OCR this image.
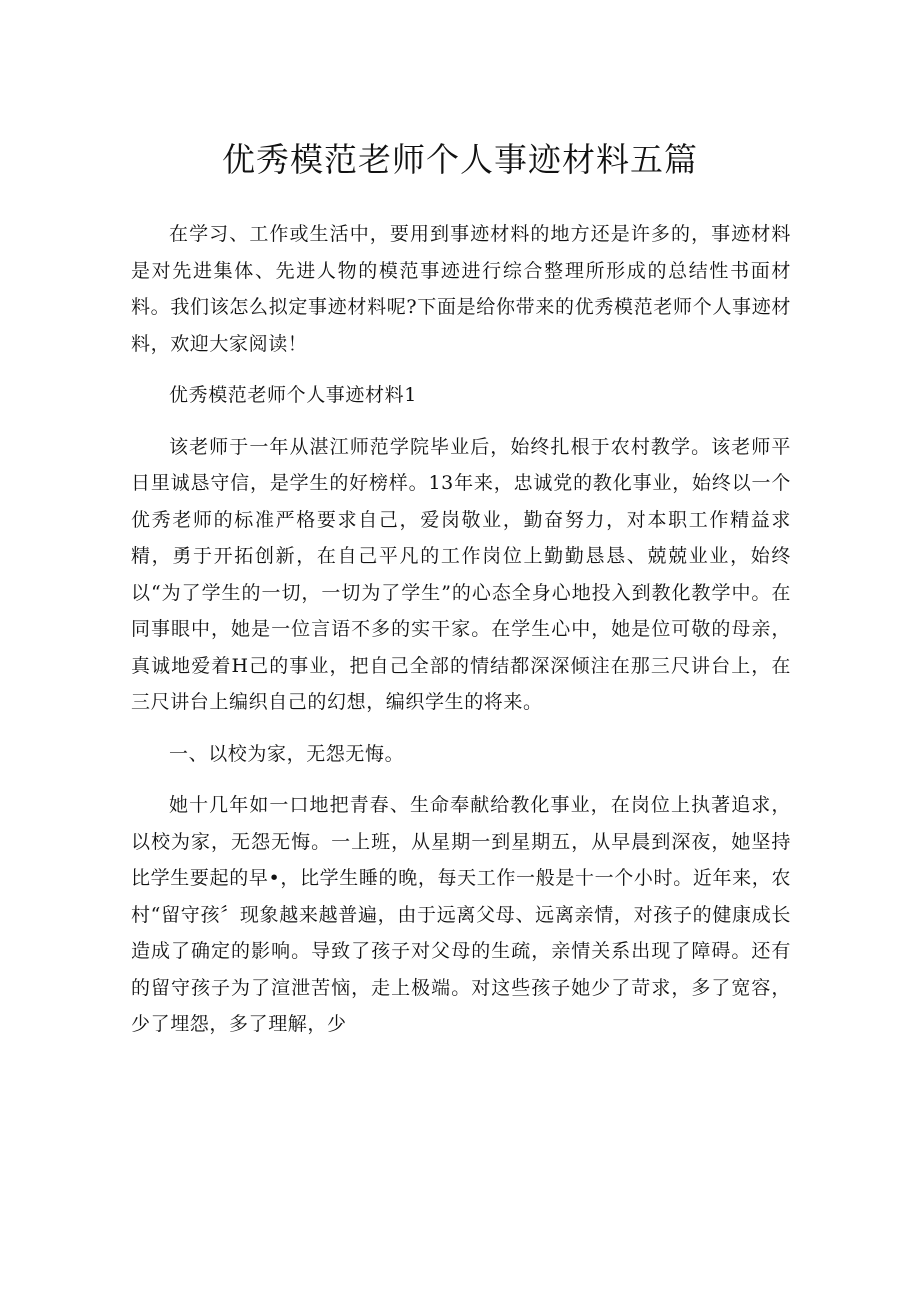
优秀模范老师个人事迹材料五篇

在学习、工作或生活中，要用到事迹材料的地方还是许多的，事迹材料是对先进集体、先进人物的模范事迹进行综合整理所形成的总结性书面材料。我们该怎么拟定事迹材料呢?下面是给你带来的优秀模范老师个人事迹材料，欢迎大家阅读！

优秀模范老师个人事迹材料1

该老师于一年从湛江师范学院毕业后，始终扎根于农村教学。该老师平日里诚恳守信，是学生的好榜样。13年来，忠诚党的教化事业，始终以一个优秀老师的标准严格要求自己，爱岗敬业，勤奋努力，对本职工作精益求精，勇于开拓创新，在自己平凡的工作岗位上勤勤恳恳、兢兢业业，始终以“为了学生的一切，一切为了学生”的心态全身心地投入到教化教学中。在同事眼中，她是一位言语不多的实干家。在学生心中，她是位可敬的母亲，真诚地爱着H己的事业，把自己全部的情结都深深倾注在那三尺讲台上，在三尺讲台上编织自己的幻想，编织学生的将来。

一、以校为家，无怨无悔。

她十几年如一口地把青春、生命奉献给教化事业，在岗位上执著追求，以校为家，无怨无悔。一上班，从星期一到星期五，从早晨到深夜，她坚持比学生要起的早•，比学生睡的晚，每天工作一般是十一个小时。近年来，农村“留守孩〞现象越来越普遍，由于远离父母、远离亲情，对孩子的健康成长造成了确定的影响。导致了孩子对父母的生疏，亲情关系出现了障碍。还有的留守孩子为了渲泄苦恼，走上极端。对这些孩子她少了苛求，多了宽容，少了埋怨，多了理解，少
